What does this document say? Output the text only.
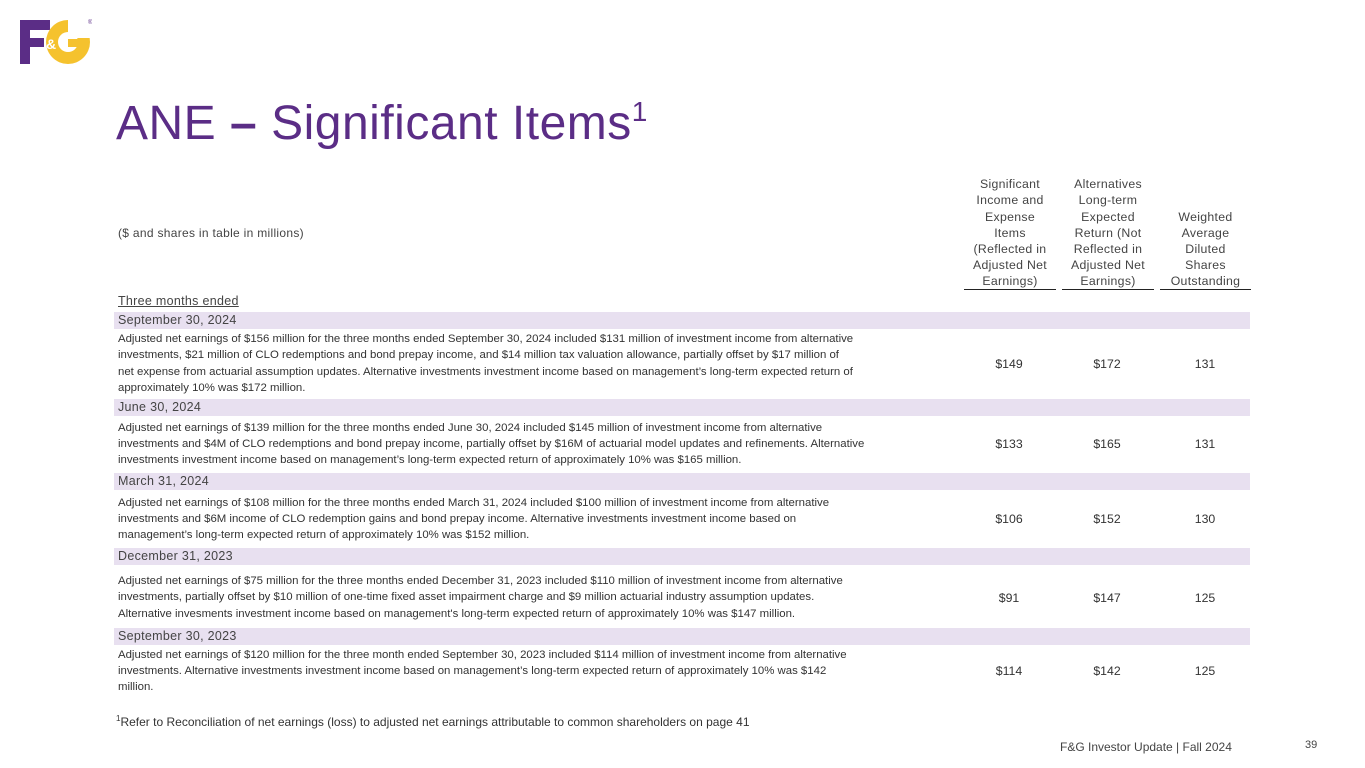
&
®
ANE – Significant Items$^1$
($ and shares in table in millions)
Significant
Income and
Expense
Items
(Reflected in
Adjusted Net
Earnings)
Alternatives
Long-term
Expected
Return (Not
Reflected in
Adjusted Net
Earnings)
Weighted
Average
Diluted
Shares
Outstanding
Three months ended
September 30, 2024
Adjusted net earnings of $156 million for the three months ended September 30, 2024 included $131 million of investment income from alternative
investments, $21 million of CLO redemptions and bond prepay income, and $14 million tax valuation allowance, partially offset by $17 million of
net expense from actuarial assumption updates. Alternative investments investment income based on management’s long-term expected return of
approximately 10% was $172 million.
$149	$172	131
June 30, 2024
Adjusted net earnings of $139 million for the three months ended June 30, 2024 included $145 million of investment income from alternative
investments and $4M of CLO redemptions and bond prepay income, partially offset by $16M of actuarial model updates and refinements. Alternative
investments investment income based on management’s long-term expected return of approximately 10% was $165 million.
$133	$165	131
March 31, 2024
Adjusted net earnings of $108 million for the three months ended March 31, 2024 included $100 million of investment income from alternative
investments and $6M income of CLO redemption gains and bond prepay income. Alternative investments investment income based on
management’s long-term expected return of approximately 10% was $152 million.
$106	$152	130
December 31, 2023
Adjusted net earnings of $75 million for the three months ended December 31, 2023 included $110 million of investment income from alternative
investments, partially offset by $10 million of one-time fixed asset impairment charge and $9 million actuarial industry assumption updates.
Alternative invesments investment income based on management's long-term expected return of approximately 10% was $147 million.
$91	$147	125
September 30, 2023
Adjusted net earnings of $120 million for the three month ended September 30, 2023 included $114 million of investment income from alternative
investments. Alternative investments investment income based on management’s long-term expected return of approximately 10% was $142
million.
$114	$142	125
$^1$Refer to Reconciliation of net earnings (loss) to adjusted net earnings attributable to common shareholders on page 41
F&G Investor Update | Fall 2024	39
